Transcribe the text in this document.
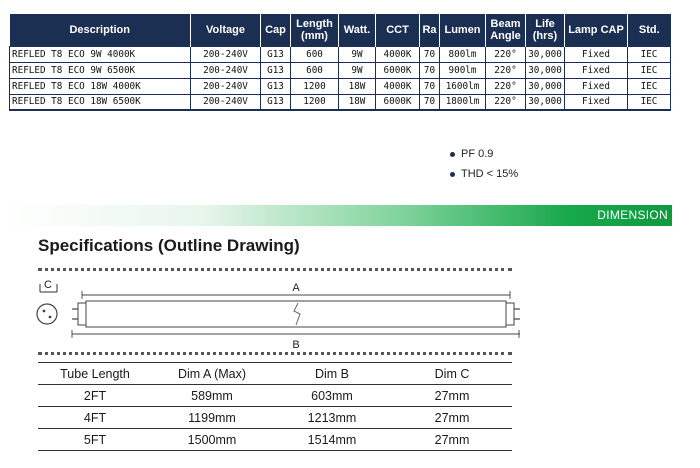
Description	Voltage	Cap	Length (mm)	Watt.	CCT	Ra	Lumen	Beam Angle	Life (hrs)	Lamp CAP	Std.
REFLED T8 ECO 9W 4000K	200-240V	G13	600	9W	4000K	70	800lm	220°	30,000	Fixed	IEC
REFLED T8 ECO 9W 6500K	200-240V	G13	600	9W	6000K	70	900lm	220°	30,000	Fixed	IEC
REFLED T8 ECO 18W 4000K	200-240V	G13	1200	18W	4000K	70	1600lm	220°	30,000	Fixed	IEC
REFLED T8 ECO 18W 6500K	200-240V	G13	1200	18W	6000K	70	1800lm	220°	30,000	Fixed	IEC
PF 0.9
THD < 15%
DIMENSION
Specifications (Outline Drawing)
C	A
B
Tube Length	Dim A (Max)	Dim B	Dim C
2FT	589mm	603mm	27mm
4FT	1199mm	1213mm	27mm
5FT	1500mm	1514mm	27mm
